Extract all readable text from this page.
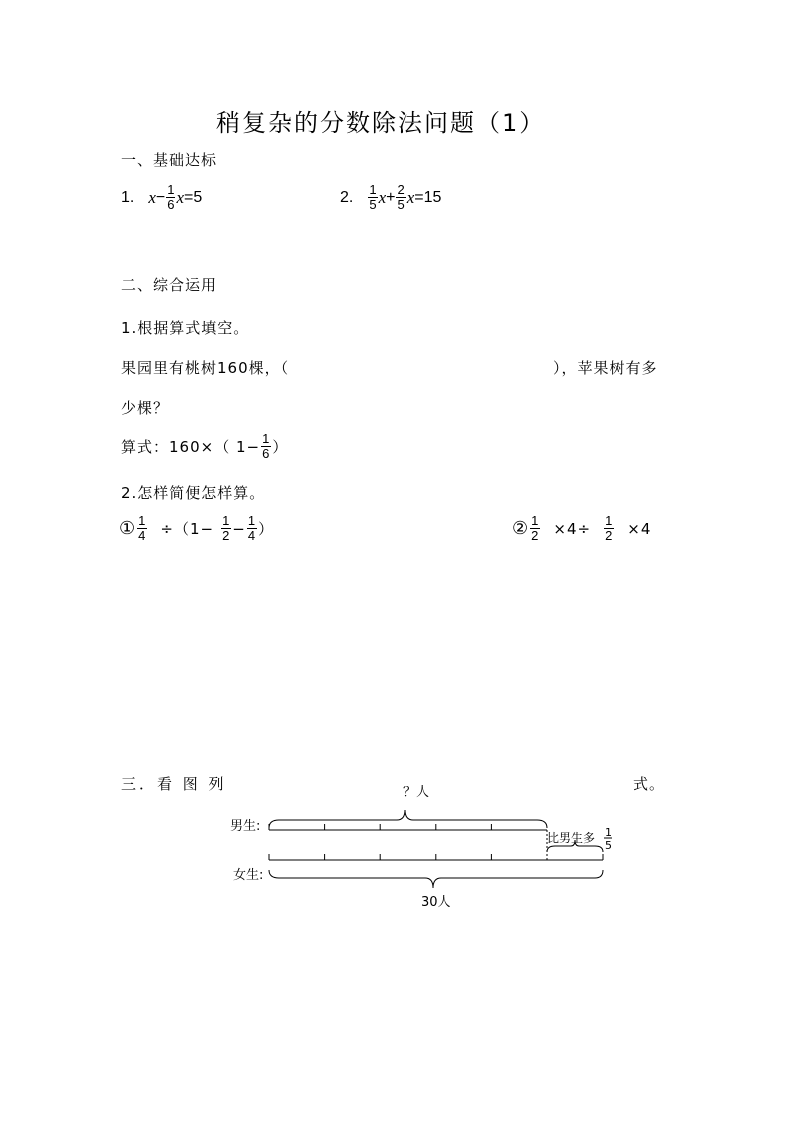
稍复杂的分数除法问题（1）
一、基础达标
1. $x - \frac{1}{6}$ x =5	2. $\frac{1}{5}$ $x + \frac{2}{5}$ x =15
二、综合运用
1.根据算式填空。
果园里有桃树160棵，（	），苹果树有多
少棵？
算式：160×（ $1- \frac{1}{6}$ ）
2.怎样简便怎样算。
① $\frac{1}{4} \div(1- \frac{1}{2} - \frac{1}{4}$ ）	② $\frac{1}{2} \times 4\div \frac{1}{2} \times 4$
三．看 图 列	式。
？人
男生:
比男生多 1
5
女生:
30人
